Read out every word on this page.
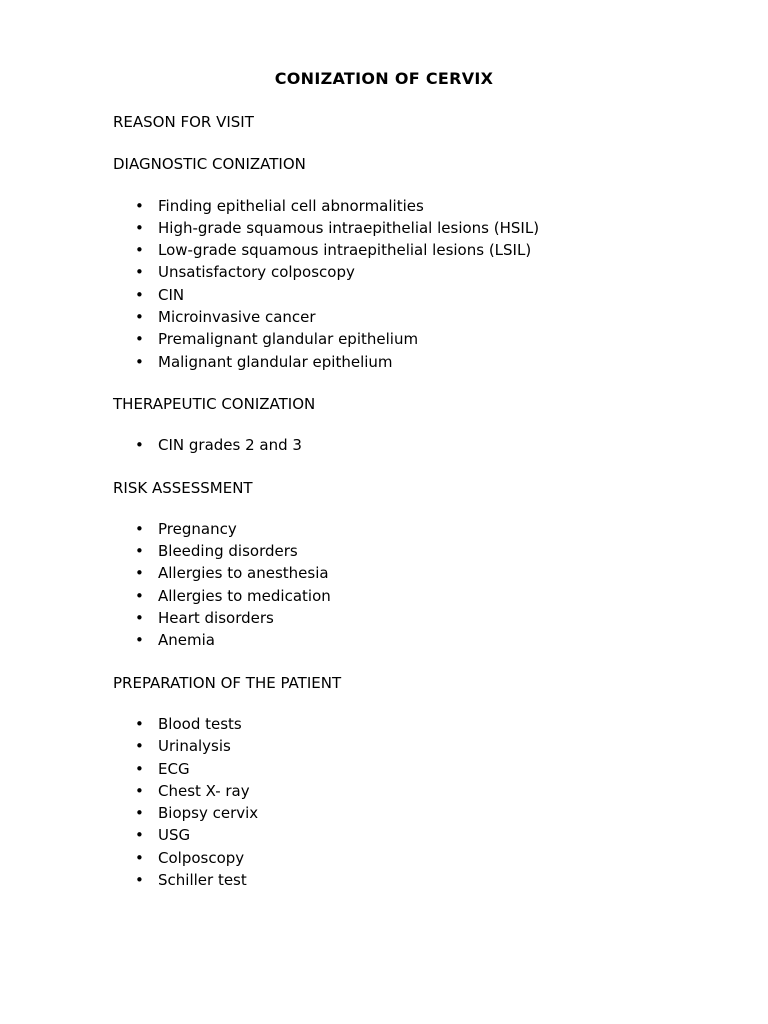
CONIZATION OF CERVIX

REASON FOR VISIT

DIAGNOSTIC CONIZATION

• Finding epithelial cell abnormalities
• High-grade squamous intraepithelial lesions (HSIL)
• Low-grade squamous intraepithelial lesions (LSIL)
• Unsatisfactory colposcopy
• CIN
• Microinvasive cancer
• Premalignant glandular epithelium
• Malignant glandular epithelium

THERAPEUTIC CONIZATION

• CIN grades 2 and 3

RISK ASSESSMENT

• Pregnancy
• Bleeding disorders
• Allergies to anesthesia
• Allergies to medication
• Heart disorders
• Anemia

PREPARATION OF THE PATIENT

• Blood tests
• Urinalysis
• ECG
• Chest X- ray
• Biopsy cervix
• USG
• Colposcopy
• Schiller test
